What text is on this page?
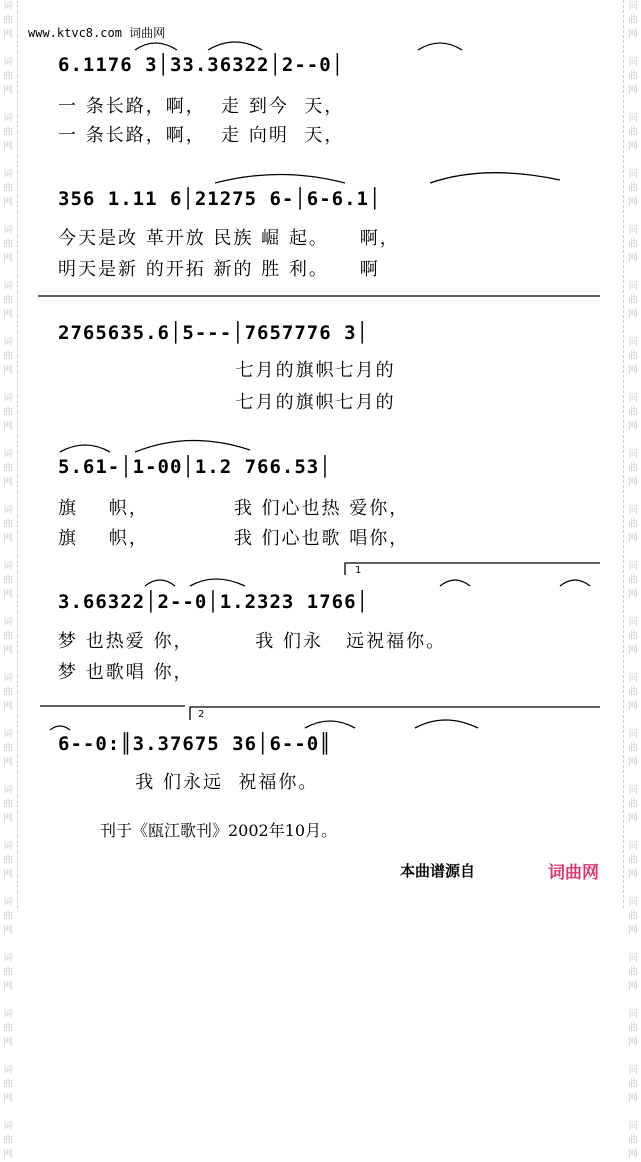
词
曲
网

词
曲
网

词
曲
网

词
曲
网

词
曲
网

词
曲
网

词
曲
网

词
曲
网

词
曲
网

词
曲
网

词
曲
网

词
曲
网

词
曲
网

词
曲
网

词
曲
网

词
曲
网

词
曲
网

词
曲
网

词
曲
网

词
曲
网

词
曲
网
词
曲
网

词
曲
网

词
曲
网

词
曲
网

词
曲
网

词
曲
网

词
曲
网

词
曲
网

词
曲
网

词
曲
网

词
曲
网

词
曲
网

词
曲
网

词
曲
网

词
曲
网

词
曲
网

词
曲
网

词
曲
网

词
曲
网

词
曲
网

词
曲
网
www.ktvc8.com 词曲网
6.1176 3│33.36322│2--0│
一 条长路，啊，  走 到今  天，
一 条长路，啊，  走 向明  天，
356 1.11 6│21275 6-│6-6.1│
今天是改 革开放 民族 崛 起。    啊，
明天是新 的开拓 新的 胜 利。    啊
2765635.6│5---│7657776 3│
七月的旗帜七月的
七月的旗帜七月的
5.61-│1-00│1.2 766.53│
旗    帜，           我 们心也热 爱你，
旗    帜，           我 们心也歌 唱你，
3.66322│2--0│1.2323 1766│
梦 也热爱 你，        我 们永   远祝福你。
梦 也歌唱 你，
6--0:║3.37675 36│6--0║
我 们永远  祝福你。
1
2
刊于《瓯江歌刊》2002年10月。
本曲谱源自	词曲网
